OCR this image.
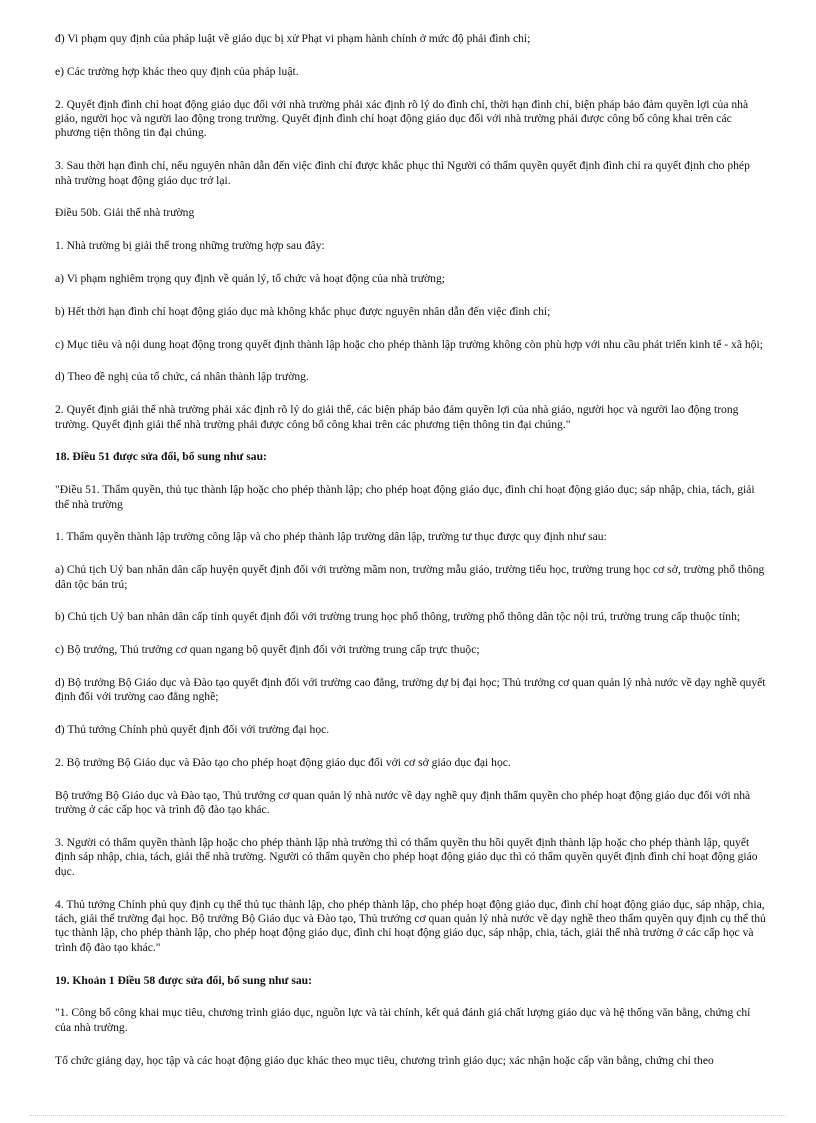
đ) Vi phạm quy định của pháp luật về giáo dục bị xử Phạt vi phạm hành chính ở mức độ phải đình chỉ;

e) Các trường hợp khác theo quy định của pháp luật.

2. Quyết định đình chỉ hoạt động giáo dục đối với nhà trường phải xác định rõ lý do đình chỉ, thời hạn đình chỉ, biện pháp bảo đảm quyền lợi của nhà giáo, người học và người lao động trong trường. Quyết định đình chỉ hoạt động giáo dục đối với nhà trường phải được công bố công khai trên các phương tiện thông tin đại chúng.

3. Sau thời hạn đình chỉ, nếu nguyên nhân dẫn đến việc đình chỉ được khắc phục thì Người có thẩm quyền quyết định đình chỉ ra quyết định cho phép nhà trường hoạt động giáo dục trở lại.

Điều 50b. Giải thể nhà trường

1. Nhà trường bị giải thể trong những trường hợp sau đây:

a) Vi phạm nghiêm trọng quy định về quản lý, tổ chức và hoạt động của nhà trường;

b) Hết thời hạn đình chỉ hoạt động giáo dục mà không khắc phục được nguyên nhân dẫn đến việc đình chỉ;

c) Mục tiêu và nội dung hoạt động trong quyết định thành lập hoặc cho phép thành lập trường không còn phù hợp với nhu cầu phát triển kinh tế - xã hội;

d) Theo đề nghị của tổ chức, cá nhân thành lập trường.

2. Quyết định giải thể nhà trường phải xác định rõ lý do giải thể, các biện pháp bảo đảm quyền lợi của nhà giáo, người học và người lao động trong trường. Quyết định giải thể nhà trường phải được công bố công khai trên các phương tiện thông tin đại chúng."

18. Điều 51 được sửa đổi, bổ sung như sau:

"Điều 51. Thẩm quyền, thủ tục thành lập hoặc cho phép thành lập; cho phép hoạt động giáo dục, đình chỉ hoạt động giáo dục; sáp nhập, chia, tách, giải thể nhà trường

1. Thẩm quyền thành lập trường công lập và cho phép thành lập trường dân lập, trường tư thục được quy định như sau:

a) Chủ tịch Uỷ ban nhân dân cấp huyện quyết định đối với trường mầm non, trường mẫu giáo, trường tiểu học, trường trung học cơ sở, trường phổ thông dân tộc bán trú;

b) Chủ tịch Uỷ ban nhân dân cấp tỉnh quyết định đối với trường trung học phổ thông, trường phổ thông dân tộc nội trú, trường trung cấp thuộc tỉnh;

c) Bộ trưởng, Thủ trưởng cơ quan ngang bộ quyết định đối với trường trung cấp trực thuộc;

d) Bộ trưởng Bộ Giáo dục và Đào tạo quyết định đối với trường cao đẳng, trường dự bị đại học; Thủ trưởng cơ quan quản lý nhà nước về dạy nghề quyết định đối với trường cao đẳng nghề;

đ) Thủ tướng Chính phủ quyết định đối với trường đại học.

2. Bộ trưởng Bộ Giáo dục và Đào tạo cho phép hoạt động giáo dục đối với cơ sở giáo dục đại học.

Bộ trưởng Bộ Giáo dục và Đào tạo, Thủ trưởng cơ quan quản lý nhà nước về dạy nghề quy định thẩm quyền cho phép hoạt động giáo dục đối với nhà trường ở các cấp học và trình độ đào tạo khác.

3. Người có thẩm quyền thành lập hoặc cho phép thành lập nhà trường thì có thẩm quyền thu hồi quyết định thành lập hoặc cho phép thành lập, quyết định sáp nhập, chia, tách, giải thể nhà trường. Người có thẩm quyền cho phép hoạt động giáo dục thì có thẩm quyền quyết định đình chỉ hoạt động giáo dục.

4. Thủ tướng Chính phủ quy định cụ thể thủ tục thành lập, cho phép thành lập, cho phép hoạt động giáo dục, đình chỉ hoạt động giáo dục, sáp nhập, chia, tách, giải thể trường đại học. Bộ trưởng Bộ Giáo dục và Đào tạo, Thủ trưởng cơ quan quản lý nhà nước về dạy nghề theo thẩm quyền quy định cụ thể thủ tục thành lập, cho phép thành lập, cho phép hoạt động giáo dục, đình chỉ hoạt động giáo dục, sáp nhập, chia, tách, giải thể nhà trường ở các cấp học và trình độ đào tạo khác."

19. Khoản 1 Điều 58 được sửa đổi, bổ sung như sau:

"1. Công bố công khai mục tiêu, chương trình giáo dục, nguồn lực và tài chính, kết quả đánh giá chất lượng giáo dục và hệ thống văn bằng, chứng chỉ của nhà trường.

Tổ chức giảng dạy, học tập và các hoạt động giáo dục khác theo mục tiêu, chương trình giáo dục; xác nhận hoặc cấp văn bằng, chứng chỉ theo
